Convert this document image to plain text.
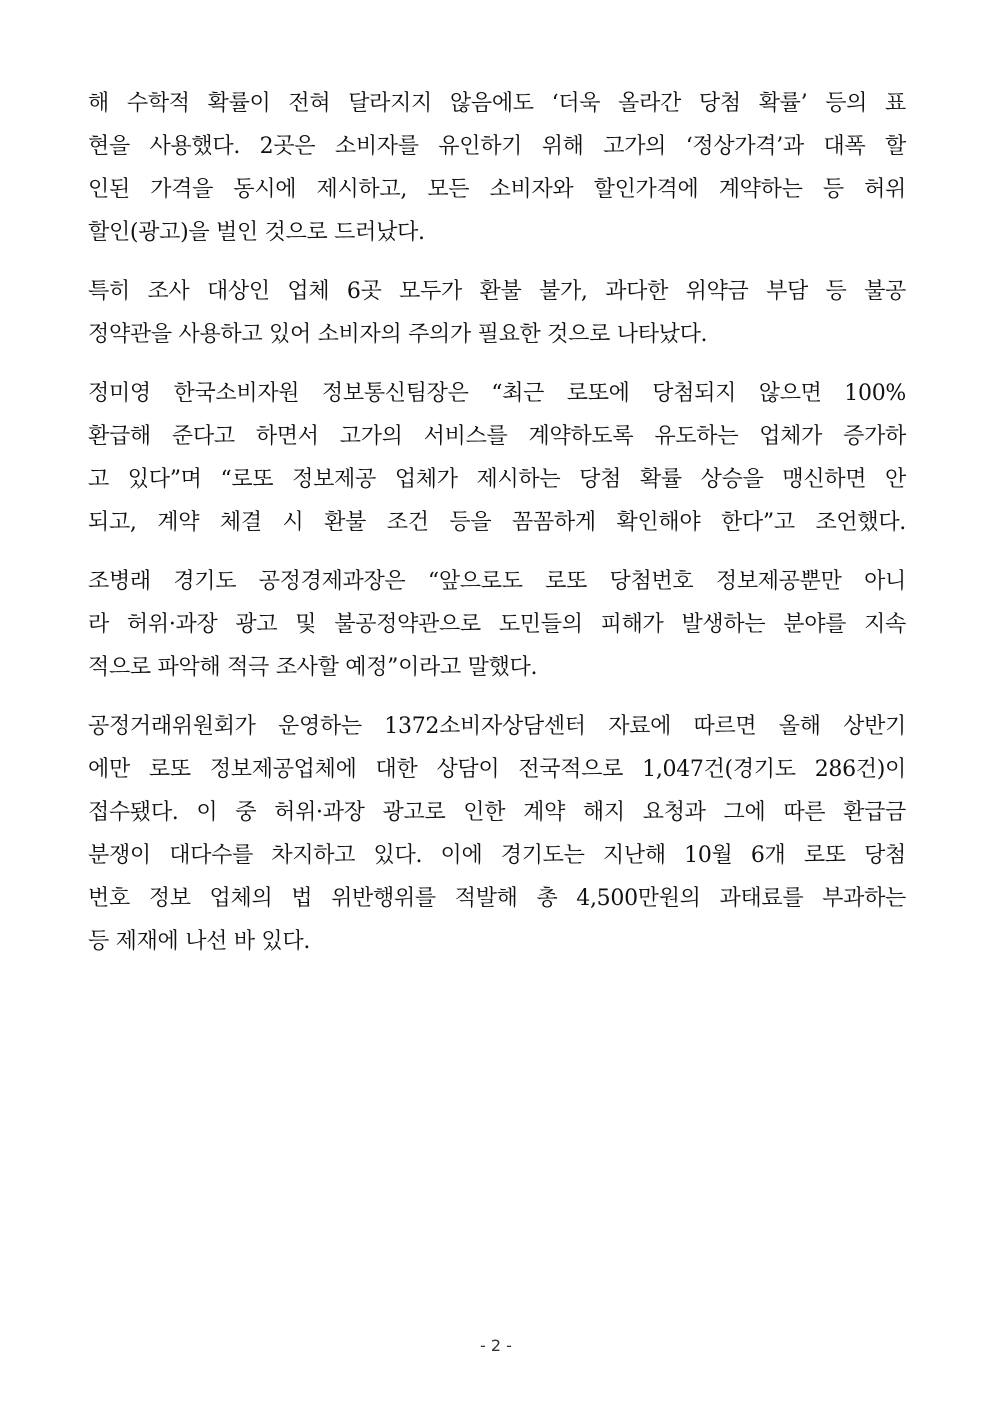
해 수학적 확률이 전혀 달라지지 않음에도 ‘더욱 올라간 당첨 확률’ 등의 표
현을 사용했다. 2곳은 소비자를 유인하기 위해 고가의 ‘정상가격’과 대폭 할
인된 가격을 동시에 제시하고, 모든 소비자와 할인가격에 계약하는 등 허위
할인(광고)을 벌인 것으로 드러났다.
특히 조사 대상인 업체 6곳 모두가 환불 불가, 과다한 위약금 부담 등 불공
정약관을 사용하고 있어 소비자의 주의가 필요한 것으로 나타났다.
정미영 한국소비자원 정보통신팀장은 “최근 로또에 당첨되지 않으면 100%
환급해 준다고 하면서 고가의 서비스를 계약하도록 유도하는 업체가 증가하
고 있다”며 “로또 정보제공 업체가 제시하는 당첨 확률 상승을 맹신하면 안
되고, 계약 체결 시 환불 조건 등을 꼼꼼하게 확인해야 한다”고 조언했다.
조병래 경기도 공정경제과장은 “앞으로도 로또 당첨번호 정보제공뿐만 아니
라 허위·과장 광고 및 불공정약관으로 도민들의 피해가 발생하는 분야를 지속
적으로 파악해 적극 조사할 예정”이라고 말했다.
공정거래위원회가 운영하는 1372소비자상담센터 자료에 따르면 올해 상반기
에만 로또 정보제공업체에 대한 상담이 전국적으로 1,047건(경기도 286건)이
접수됐다. 이 중 허위·과장 광고로 인한 계약 해지 요청과 그에 따른 환급금
분쟁이 대다수를 차지하고 있다. 이에 경기도는 지난해 10월 6개 로또 당첨
번호 정보 업체의 법 위반행위를 적발해 총 4,500만원의 과태료를 부과하는
등 제재에 나선 바 있다.
- 2 -
